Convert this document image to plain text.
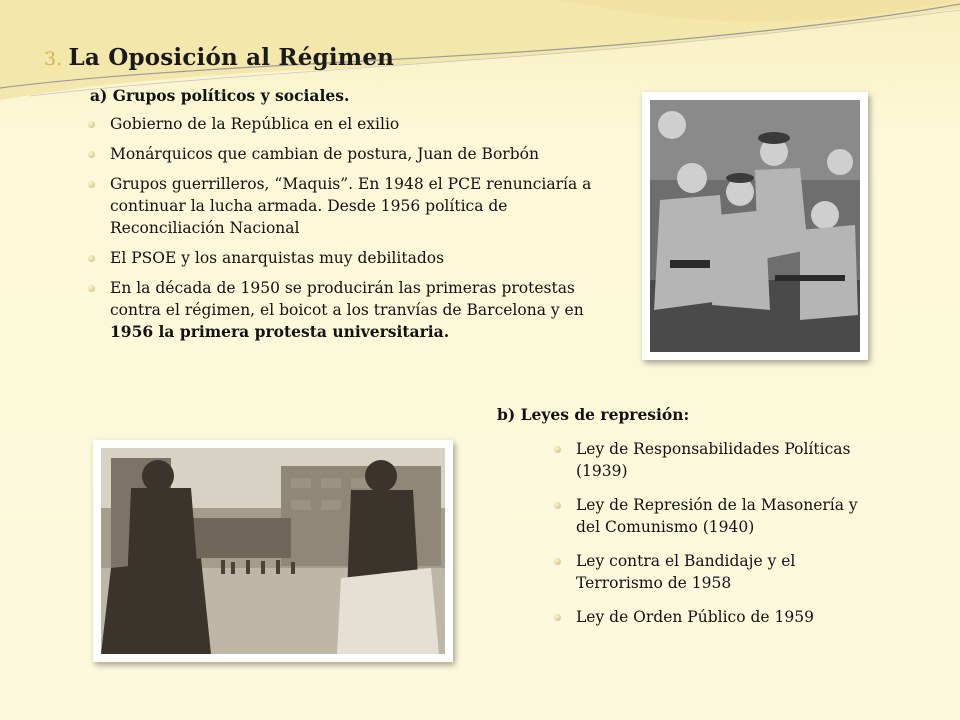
3. La Oposición al Régimen
a) Grupos políticos y sociales.
Gobierno de la República en el exilio
Monárquicos que cambian de postura, Juan de Borbón
Grupos guerrilleros, “Maquis”. En 1948 el PCE renunciaría a continuar la lucha armada. Desde 1956 política de Reconciliación Nacional
El PSOE y los anarquistas muy debilitados
En la década de 1950 se producirán las primeras protestas contra el régimen, el boicot a los tranvías de Barcelona y en 1956 la primera protesta universitaria.
b) Leyes de represión:
Ley de Responsabilidades Políticas (1939)
Ley de Represión de la Masonería y del Comunismo (1940)
Ley contra el Bandidaje y el Terrorismo de 1958
Ley de Orden Público de 1959
